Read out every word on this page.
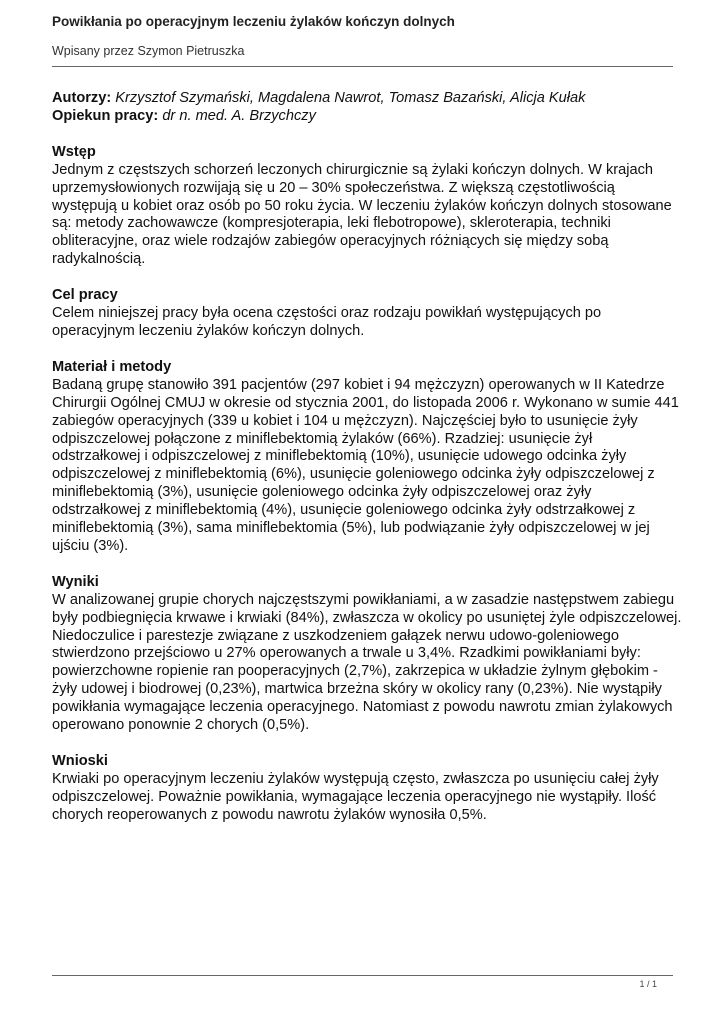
Powikłania po operacyjnym leczeniu żylaków kończyn dolnych
Wpisany przez Szymon Pietruszka

Autorzy: Krzysztof Szymański, Magdalena Nawrot, Tomasz Bazański, Alicja Kułak

Opiekun pracy: dr n. med. A. Brzychczy

Wstęp

Jednym z częstszych schorzeń leczonych chirurgicznie są żylaki kończyn dolnych. W krajach uprzemysłowionych rozwijają się u 20 – 30% społeczeństwa. Z większą częstotliwością występują u kobiet oraz osób po 50 roku życia. W leczeniu żylaków kończyn dolnych stosowane są: metody zachowawcze (kompresjoterapia, leki flebotropowe), skleroterapia, techniki obliteracyjne, oraz wiele rodzajów zabiegów operacyjnych różniących się między sobą radykalnością.

Cel pracy

Celem niniejszej pracy była ocena częstości oraz rodzaju powikłań występujących po operacyjnym leczeniu żylaków kończyn dolnych.

Materiał i metody

Badaną grupę stanowiło 391 pacjentów (297 kobiet i 94 mężczyzn) operowanych w II Katedrze Chirurgii Ogólnej CMUJ w okresie od stycznia 2001, do listopada 2006 r. Wykonano w sumie 441 zabiegów operacyjnych (339 u kobiet i 104 u mężczyzn). Najczęściej było to usunięcie żyły odpiszczelowej połączone z miniflebektomią żylaków (66%). Rzadziej: usunięcie żył odstrzałkowej i odpiszczelowej z miniflebektomią (10%), usunięcie udowego odcinka żyły odpiszczelowej z miniflebektomią (6%), usunięcie goleniowego odcinka żyły odpiszczelowej z miniflebektomią (3%), usunięcie goleniowego odcinka żyły odpiszczelowej oraz żyły odstrzałkowej z miniflebektomią (4%), usunięcie goleniowego odcinka żyły odstrzałkowej z miniflebektomią (3%), sama miniflebektomia (5%), lub podwiązanie żyły odpiszczelowej w jej ujściu (3%).

Wyniki

W analizowanej grupie chorych najczęstszymi powikłaniami, a w zasadzie następstwem zabiegu były podbiegnięcia krwawe i krwiaki (84%), zwłaszcza w okolicy po usuniętej żyle odpiszczelowej. Niedoczulice i parestezje związane z uszkodzeniem gałązek nerwu udowo-goleniowego stwierdzono przejściowo u 27% operowanych a trwale u 3,4%. Rzadkimi powikłaniami były: powierzchowne ropienie ran pooperacyjnych (2,7%), zakrzepica w układzie żylnym głębokim - żyły udowej i biodrowej (0,23%), martwica brzeżna skóry w okolicy rany (0,23%). Nie wystąpiły powikłania wymagające leczenia operacyjnego. Natomiast z powodu nawrotu zmian żylakowych operowano ponownie 2 chorych (0,5%).

Wnioski

Krwiaki po operacyjnym leczeniu żylaków występują często, zwłaszcza po usunięciu całej żyły odpiszczelowej. Poważnie powikłania, wymagające leczenia operacyjnego nie wystąpiły. Ilość chorych reoperowanych z powodu nawrotu żylaków wynosiła 0,5%.

1 / 1
